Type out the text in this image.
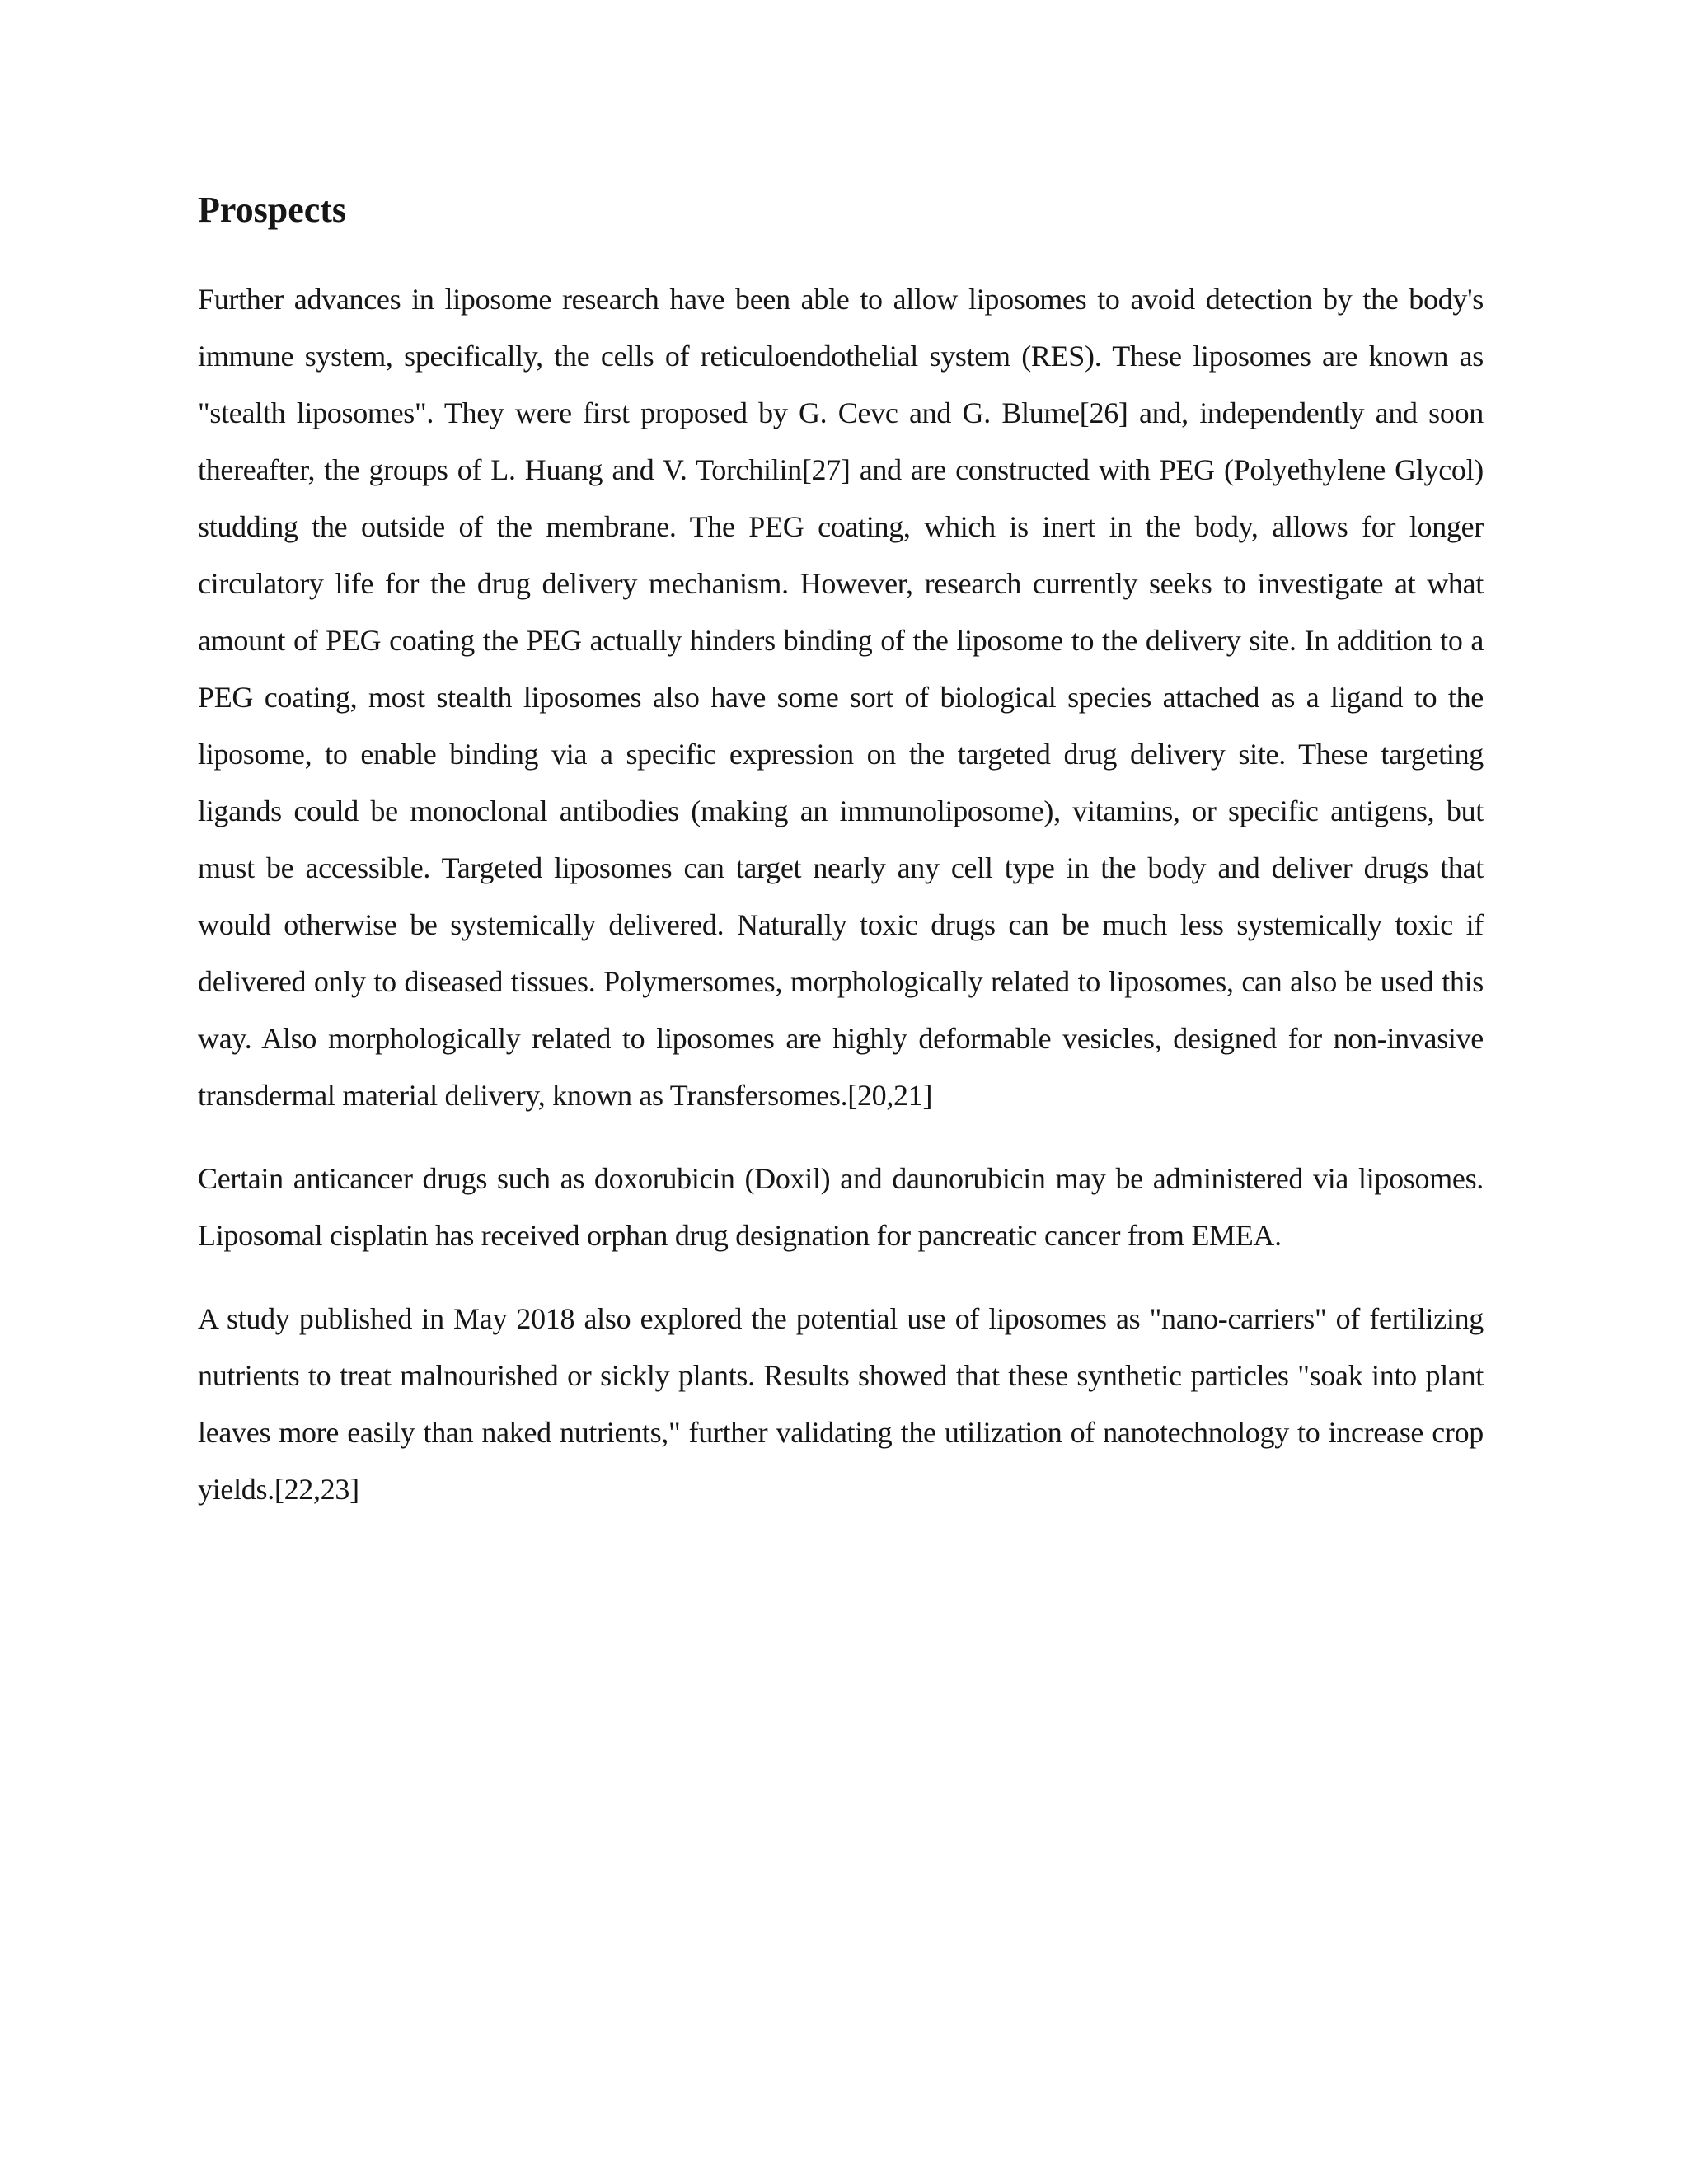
Prospects

Further advances in liposome research have been able to allow liposomes to avoid detection by the body's immune system, specifically, the cells of reticuloendothelial system (RES). These liposomes are known as "stealth liposomes". They were first proposed by G. Cevc and G. Blume[26] and, independently and soon thereafter, the groups of L. Huang and V. Torchilin[27] and are constructed with PEG (Polyethylene Glycol) studding the outside of the membrane. The PEG coating, which is inert in the body, allows for longer circulatory life for the drug delivery mechanism. However, research currently seeks to investigate at what amount of PEG coating the PEG actually hinders binding of the liposome to the delivery site. In addition to a PEG coating, most stealth liposomes also have some sort of biological species attached as a ligand to the liposome, to enable binding via a specific expression on the targeted drug delivery site. These targeting ligands could be monoclonal antibodies (making an immunoliposome), vitamins, or specific antigens, but must be accessible. Targeted liposomes can target nearly any cell type in the body and deliver drugs that would otherwise be systemically delivered. Naturally toxic drugs can be much less systemically toxic if delivered only to diseased tissues. Polymersomes, morphologically related to liposomes, can also be used this way. Also morphologically related to liposomes are highly deformable vesicles, designed for non-invasive transdermal material delivery, known as Transfersomes.[20,21]

Certain anticancer drugs such as doxorubicin (Doxil) and daunorubicin may be administered via liposomes. Liposomal cisplatin has received orphan drug designation for pancreatic cancer from EMEA.

A study published in May 2018 also explored the potential use of liposomes as "nano-carriers" of fertilizing nutrients to treat malnourished or sickly plants. Results showed that these synthetic particles "soak into plant leaves more easily than naked nutrients," further validating the utilization of nanotechnology to increase crop yields.[22,23]
